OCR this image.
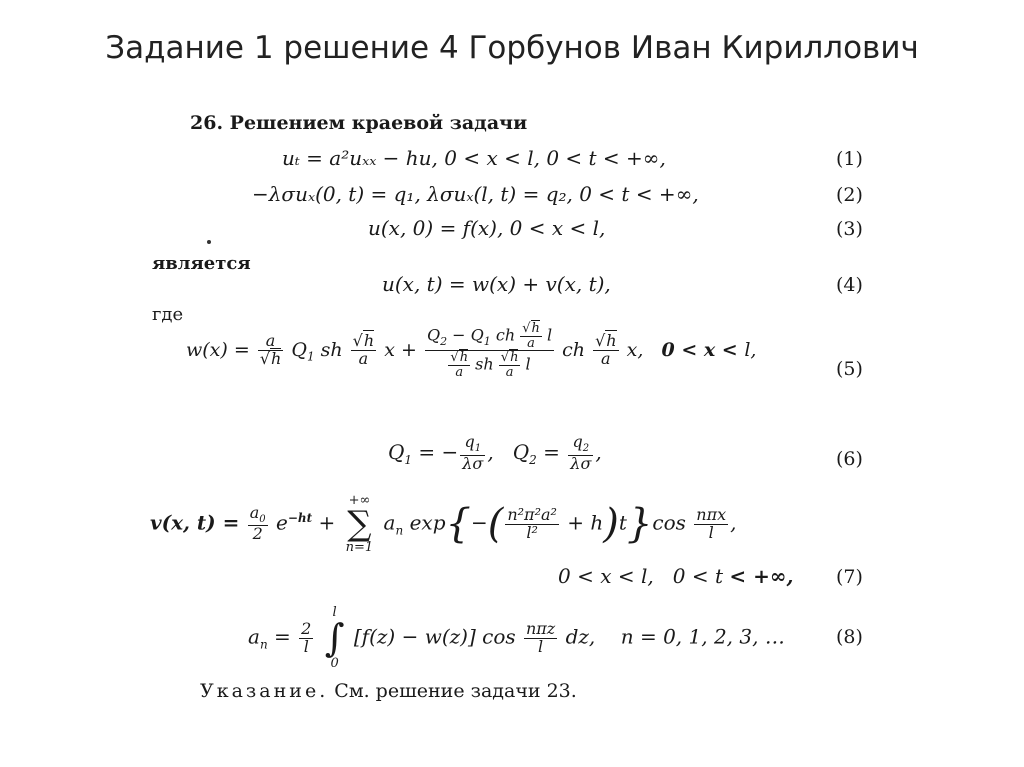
Задание 1 решение 4 Горбунов Иван Кириллович
26. Решением краевой задачи
uₜ = a²uₓₓ − hu, 0 < x < l, 0 < t < +∞,	(1)
−λσuₓ(0, t) = q₁, λσuₓ(l, t) = q₂, 0 < t < +∞,	(2)
u(x, 0) = f(x), 0 < x < l,	(3)
является
u(x, t) = w(x) + v(x, t),	(4)
где
$w(x) = \frac{a}{√h} Q_1$ sh $\frac{√h}{a}$ $x + \frac{Q_2 - Q_1 ch \frac{√h}{a} l}{\frac{√h}{a} sh \frac{√h}{a} l}$ ch $\frac{√h}{a} x$,   0 < x < l,
(5)
$Q_1$ = − $\frac{q_1}{\lambda\sigma}$ ,   $Q_2 = \frac{q_2}{\lambda\sigma}$ ,	(6)
v(x, $t) = \frac{a_0}{2} e^{-ht}$ +
+∞
∑
n=1
$a_n$ $\exp\{-( \frac{\text{n²π²a²}}{\text{l²}} + h)t\}\cos \frac{\text{nπx}}{l}$ ,
0 < x < l,   0 < t < +∞, (7)
$a_n = \frac{2}{l}$

l
∫
0
[f(z) − w(z)] $\cos \frac{\text{nπz}}{l}$ dz,    n = 0, 1, 2, 3, …	(8)
Указание. См. решение задачи 23.
